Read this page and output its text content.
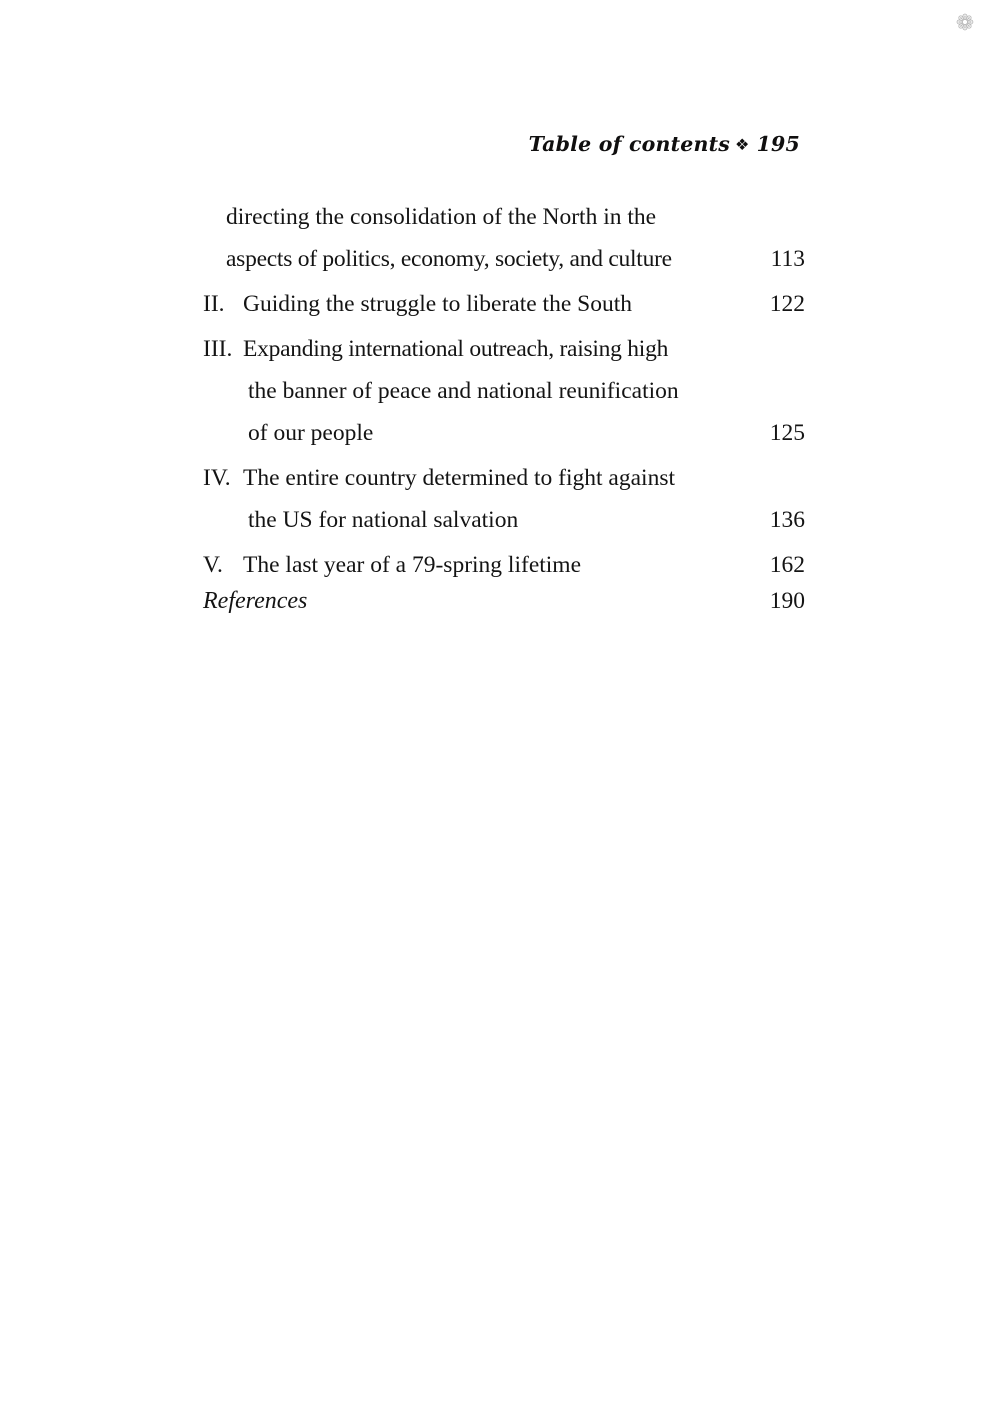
❁
Table of contents ❖ 195
directing the consolidation of the North in the
aspects of politics, economy, society, and culture	113
II. Guiding the struggle to liberate the South	122
III. Expanding international outreach, raising high
the banner of peace and national reunification
of our people	125
IV. The entire country determined to fight against
the US for national salvation	136
V. The last year of a 79-spring lifetime	162
References	190
